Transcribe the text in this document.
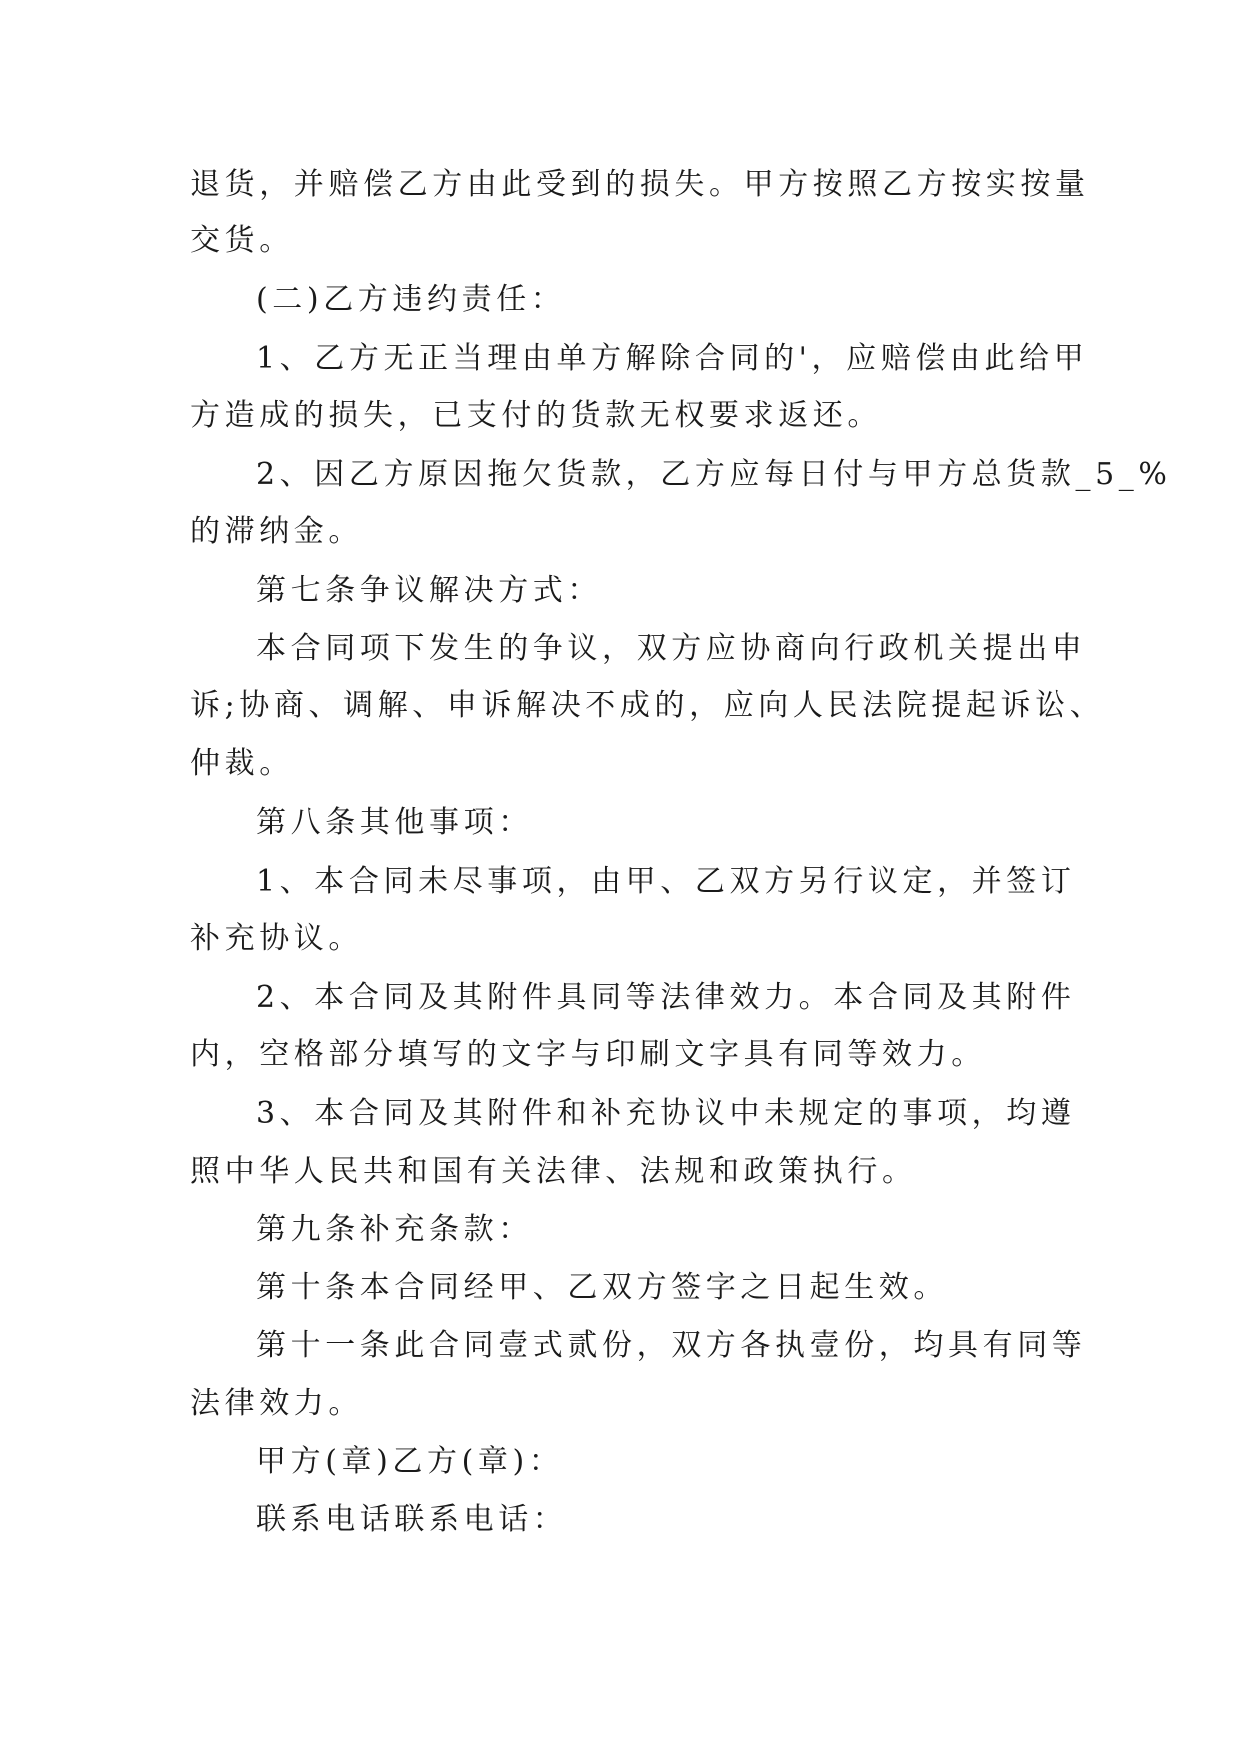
退货，并赔偿乙方由此受到的损失。甲方按照乙方按实按量
交货。
(二)乙方违约责任：
1、乙方无正当理由单方解除合同的'，应赔偿由此给甲
方造成的损失，已支付的货款无权要求返还。
2、因乙方原因拖欠货款，乙方应每日付与甲方总货款_5_%
的滞纳金。
第七条争议解决方式：
本合同项下发生的争议，双方应协商向行政机关提出申
诉;协商、调解、申诉解决不成的，应向人民法院提起诉讼、
仲裁。
第八条其他事项：
1、本合同未尽事项，由甲、乙双方另行议定，并签订
补充协议。
2、本合同及其附件具同等法律效力。本合同及其附件
内，空格部分填写的文字与印刷文字具有同等效力。
3、本合同及其附件和补充协议中未规定的事项，均遵
照中华人民共和国有关法律、法规和政策执行。
第九条补充条款：
第十条本合同经甲、乙双方签字之日起生效。
第十一条此合同壹式贰份，双方各执壹份，均具有同等
法律效力。
甲方(章)乙方(章)：
联系电话联系电话：
